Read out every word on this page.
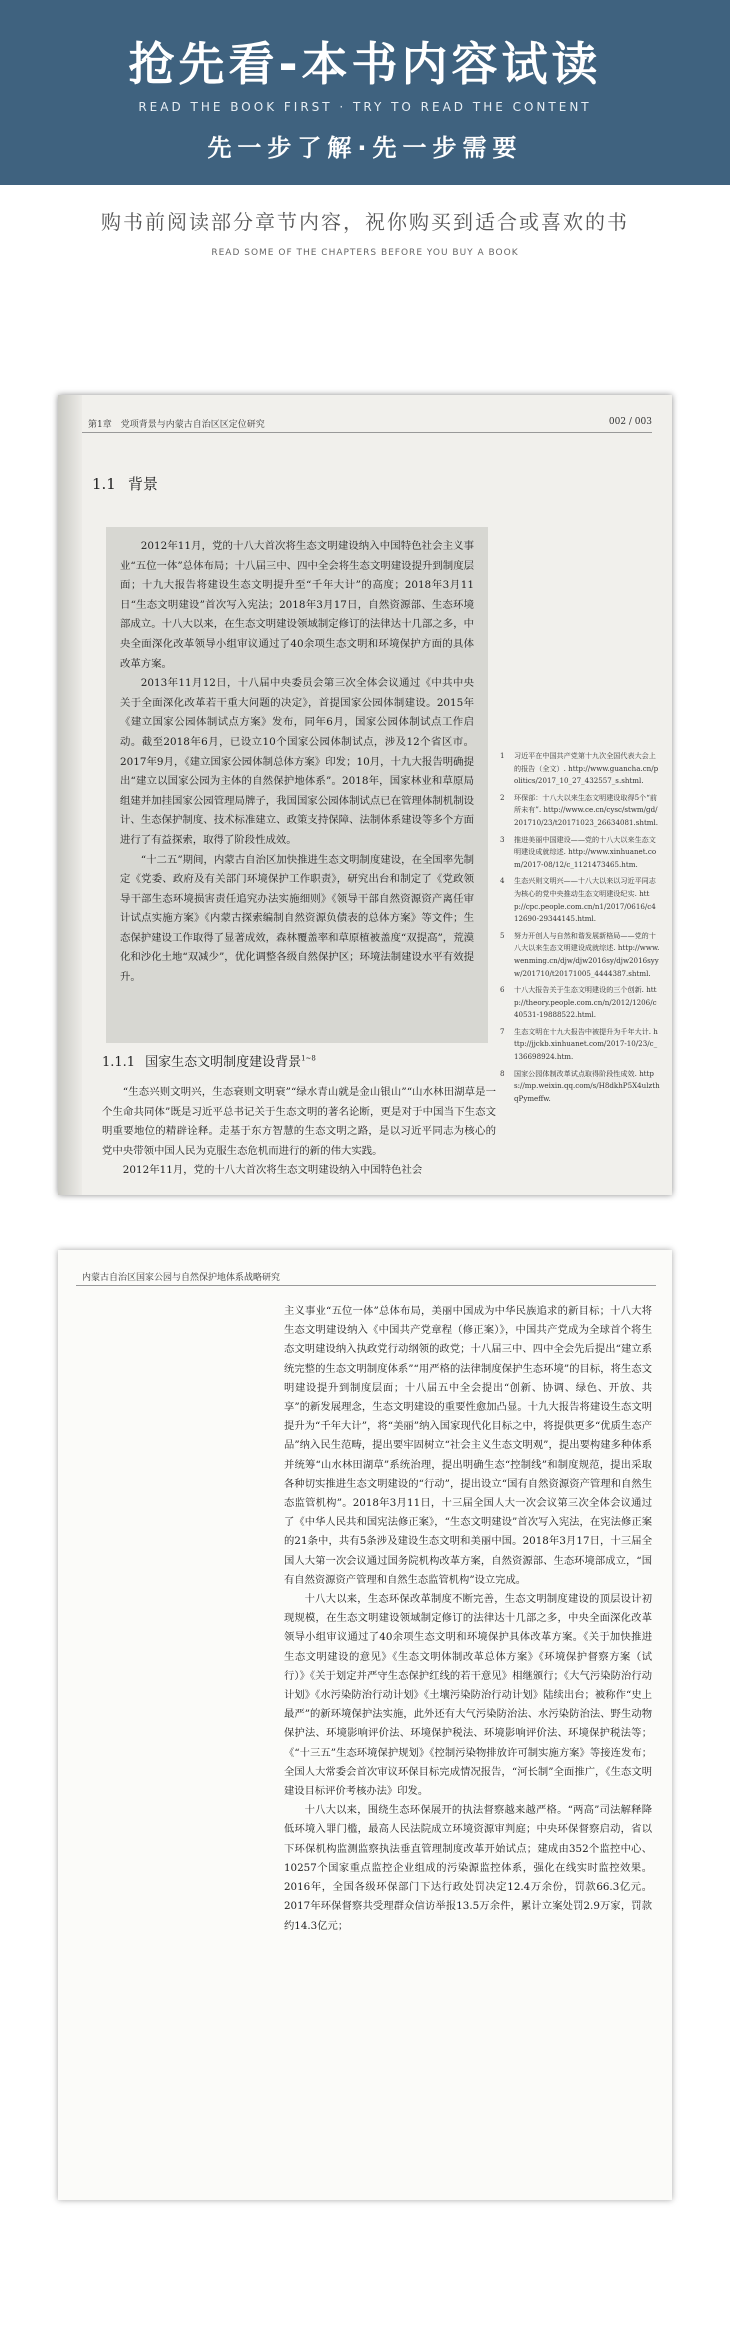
抢先看-本书内容试读
READ THE BOOK FIRST · TRY TO READ THE CONTENT
先一步了解·先一步需要
购书前阅读部分章节内容，祝你购买到适合或喜欢的书
READ SOME OF THE CHAPTERS BEFORE YOU BUY A BOOK
第1章　党项背景与内蒙古自治区区定位研究	002 / 003
1.1 背景

2012年11月，党的十八大首次将生态文明建设纳入中国特色社会主义事业“五位一体”总体布局；十八届三中、四中全会将生态文明建设提升到制度层面；十九大报告将建设生态文明提升至“千年大计”的高度；2018年3月11日“生态文明建设”首次写入宪法；2018年3月17日，自然资源部、生态环境部成立。十八大以来，在生态文明建设领域制定修订的法律达十几部之多，中央全面深化改革领导小组审议通过了40余项生态文明和环境保护方面的具体改革方案。

2013年11月12日，十八届中央委员会第三次全体会议通过《中共中央关于全面深化改革若干重大问题的决定》，首提国家公园体制建设。2015年《建立国家公园体制试点方案》发布，同年6月，国家公园体制试点工作启动。截至2018年6月，已设立10个国家公园体制试点，涉及12个省区市。2017年9月，《建立国家公园体制总体方案》印发；10月，十九大报告明确提出“建立以国家公园为主体的自然保护地体系”。2018年，国家林业和草原局组建并加挂国家公园管理局牌子，我国国家公园体制试点已在管理体制机制设计、生态保护制度、技术标准建立、政策支持保障、法制体系建设等多个方面进行了有益探索，取得了阶段性成效。

“十二五”期间，内蒙古自治区加快推进生态文明制度建设，在全国率先制定《党委、政府及有关部门环境保护工作职责》，研究出台和制定了《党政领导干部生态环境损害责任追究办法实施细则》《领导干部自然资源资产离任审计试点实施方案》《内蒙古探索编制自然资源负债表的总体方案》等文件；生态保护建设工作取得了显著成效，森林覆盖率和草原植被盖度“双提高”，荒漠化和沙化土地“双减少”，优化调整各级自然保护区；环境法制建设水平有效提升。

1	习近平在中国共产党第十九次全国代表大会上的报告（全文）. http://www.guancha.cn/politics/2017_10_27_432557_s.shtml.
2	环保部：十八大以来生态文明建设取得5个“前所未有”. http://www.ce.cn/cysc/stwm/gd/201710/23/t20171023_26634081.shtml.
3	推进美丽中国建设——党的十八大以来生态文明建设成就综述. http://www.xinhuanet.com/2017-08/12/c_1121473465.htm.
4	生态兴则文明兴——十八大以来以习近平同志为核心的党中央推动生态文明建设纪实. http://cpc.people.com.cn/n1/2017/0616/c412690-29344145.html.
5	努力开创人与自然和谐发展新格局——党的十八大以来生态文明建设成就综述. http://www.wenming.cn/djw/djw2016sy/djw2016syyw/201710/t20171005_4444387.shtml.
6	十八大报告关于生态文明建设的三个创新. http://theory.people.com.cn/n/2012/1206/c40531-19888522.html.
7	生态文明在十九大报告中被提升为千年大计. http://jjckb.xinhuanet.com/2017-10/23/c_136698924.htm.
8	国家公园体制改革试点取得阶段性成效. https://mp.weixin.qq.com/s/H8dkhP5X4ulzthqPymeffw.
1.1.1 国家生态文明制度建设背景$^{1\sim 8}$

“生态兴则文明兴，生态衰则文明衰”“绿水青山就是金山银山”“山水林田湖草是一个生命共同体”既是习近平总书记关于生态文明的著名论断，更是对于中国当下生态文明重要地位的精辟诠释。走基于东方智慧的生态文明之路，是以习近平同志为核心的党中央带领中国人民为克服生态危机而进行的新的伟大实践。

2012年11月，党的十八大首次将生态文明建设纳入中国特色社会

内蒙古自治区国家公园与自然保护地体系战略研究

主义事业“五位一体”总体布局，美丽中国成为中华民族追求的新目标；十八大将生态文明建设纳入《中国共产党章程（修正案）》，中国共产党成为全球首个将生态文明建设纳入执政党行动纲领的政党；十八届三中、四中全会先后提出“建立系统完整的生态文明制度体系”“用严格的法律制度保护生态环境”的目标，将生态文明建设提升到制度层面；十八届五中全会提出“创新、协调、绿色、开放、共享”的新发展理念，生态文明建设的重要性愈加凸显。十九大报告将建设生态文明提升为“千年大计”，将“美丽”纳入国家现代化目标之中，将提供更多“优质生态产品”纳入民生范畴，提出要牢固树立“社会主义生态文明观”，提出要构建多种体系并统筹“山水林田湖草”系统治理，提出明确生态“控制线”和制度规范，提出采取各种切实推进生态文明建设的“行动”，提出设立“国有自然资源资产管理和自然生态监管机构”。2018年3月11日，十三届全国人大一次会议第三次全体会议通过了《中华人民共和国宪法修正案》，“生态文明建设”首次写入宪法，在宪法修正案的21条中，共有5条涉及建设生态文明和美丽中国。2018年3月17日，十三届全国人大第一次会议通过国务院机构改革方案，自然资源部、生态环境部成立，“国有自然资源资产管理和自然生态监管机构”设立完成。

十八大以来，生态环保改革制度不断完善，生态文明制度建设的顶层设计初现规模，在生态文明建设领域制定修订的法律达十几部之多，中央全面深化改革领导小组审议通过了40余项生态文明和环境保护具体改革方案。《关于加快推进生态文明建设的意见》《生态文明体制改革总体方案》《环境保护督察方案（试行）》《关于划定并严守生态保护红线的若干意见》相继颁行；《大气污染防治行动计划》《水污染防治行动计划》《土壤污染防治行动计划》陆续出台；被称作“史上最严”的新环境保护法实施，此外还有大气污染防治法、水污染防治法、野生动物保护法、环境影响评价法、环境保护税法、环境影响评价法、环境保护税法等；《“十三五”生态环境保护规划》《控制污染物排放许可制实施方案》等接连发布；全国人大常委会首次审议环保目标完成情况报告，“河长制”全面推广，《生态文明建设目标评价考核办法》印发。

十八大以来，围绕生态环保展开的执法督察越来越严格。“两高”司法解释降低环境入罪门槛，最高人民法院成立环境资源审判庭；中央环保督察启动，省以下环保机构监测监察执法垂直管理制度改革开始试点；建成由352个监控中心、10257个国家重点监控企业组成的污染源监控体系，强化在线实时监控效果。2016年，全国各级环保部门下达行政处罚决定12.4万余份，罚款66.3亿元。2017年环保督察共受理群众信访举报13.5万余件，累计立案处罚2.9万家，罚款约14.3亿元；
